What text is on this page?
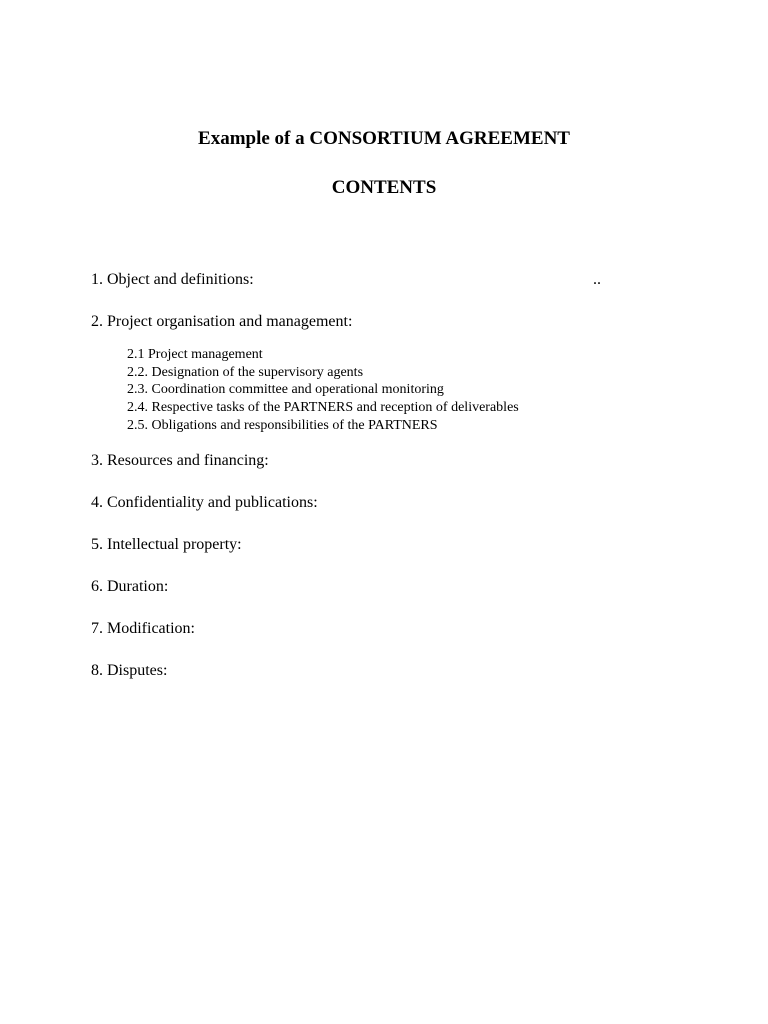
Example of a CONSORTIUM AGREEMENT
CONTENTS
1. Object and definitions:	..
2. Project organisation and management:
2.1 Project management
2.2. Designation of the supervisory agents
2.3. Coordination committee and operational monitoring
2.4. Respective tasks of the PARTNERS and reception of deliverables
2.5. Obligations and responsibilities of the PARTNERS
3. Resources and financing:
4. Confidentiality and publications:
5. Intellectual property:
6. Duration:
7. Modification:
8. Disputes:
